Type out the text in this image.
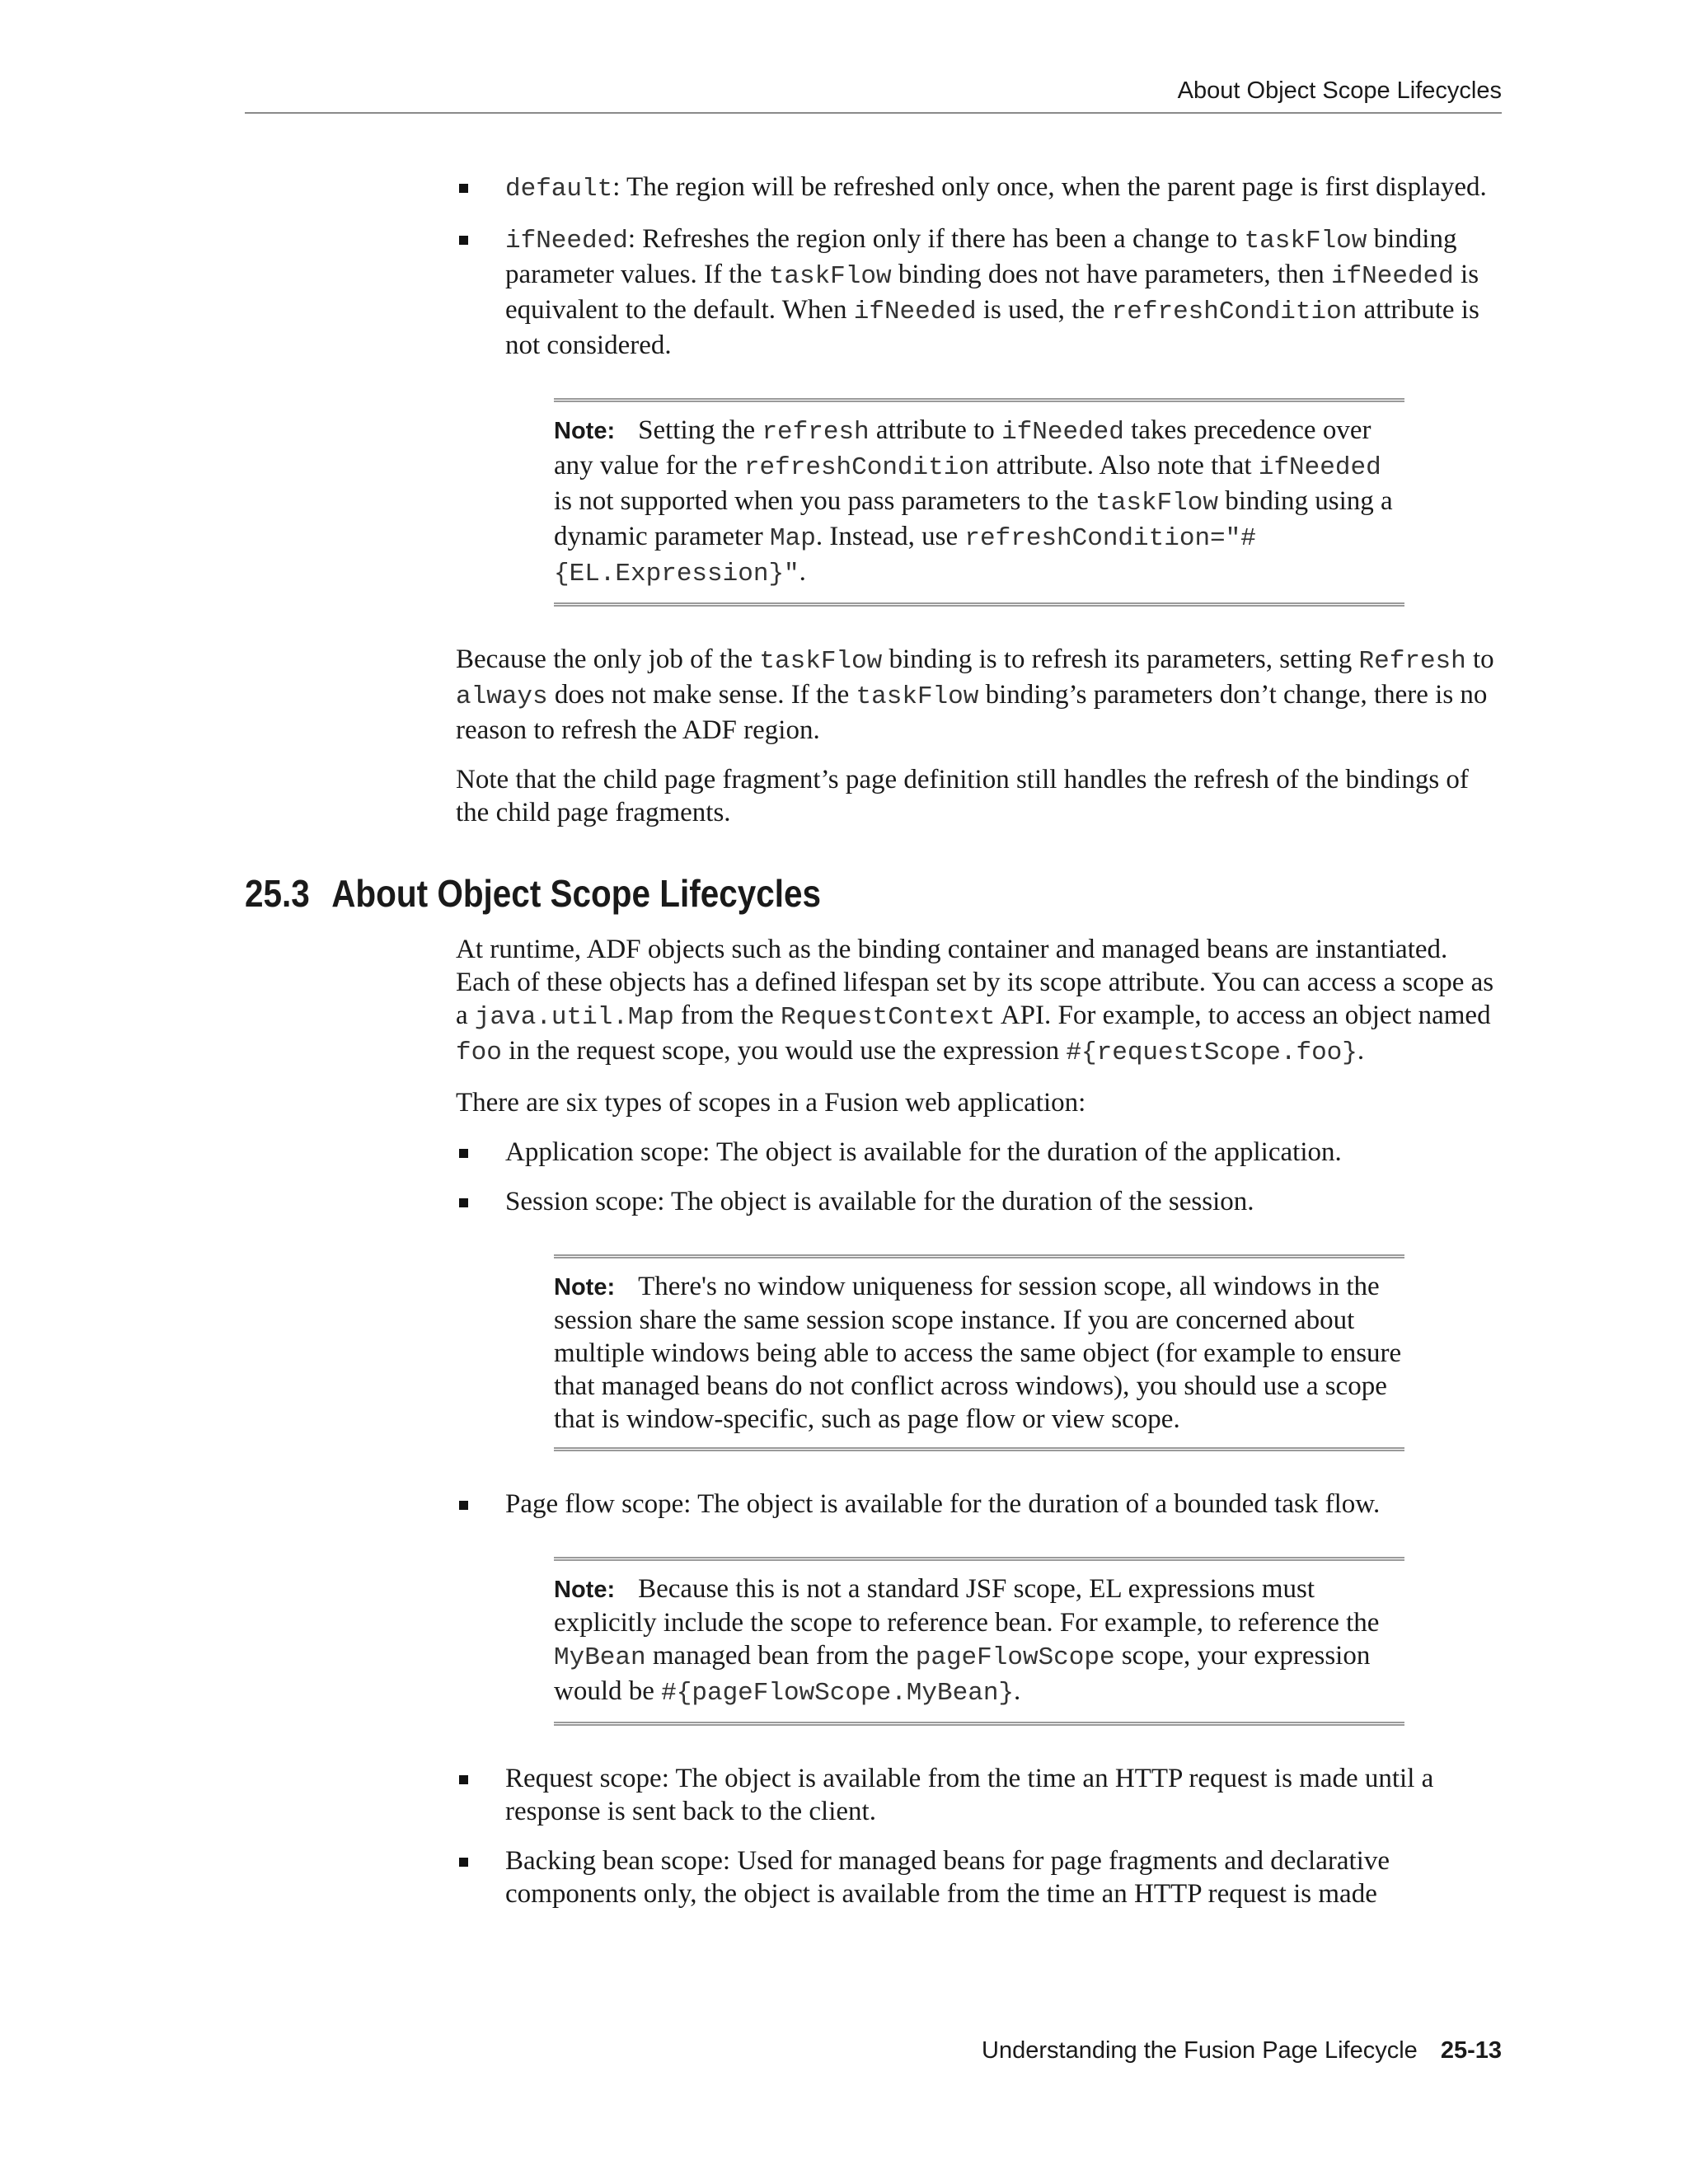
About Object Scope Lifecycles
default: The region will be refreshed only once, when the parent page is first displayed.
ifNeeded: Refreshes the region only if there has been a change to taskFlow binding parameter values. If the taskFlow binding does not have parameters, then ifNeeded is equivalent to the default. When ifNeeded is used, the refreshCondition attribute is not considered.

Note: Setting the refresh attribute to ifNeeded takes precedence over any value for the refreshCondition attribute. Also note that ifNeeded is not supported when you pass parameters to the taskFlow binding using a dynamic parameter Map. Instead, use refreshCondition="#{EL.Expression}".

Because the only job of the taskFlow binding is to refresh its parameters, setting Refresh to always does not make sense. If the taskFlow binding’s parameters don’t change, there is no reason to refresh the ADF region.

Note that the child page fragment’s page definition still handles the refresh of the bindings of the child page fragments.

25.3 About Object Scope Lifecycles

At runtime, ADF objects such as the binding container and managed beans are instantiated. Each of these objects has a defined lifespan set by its scope attribute. You can access a scope as a java.util.Map from the RequestContext API. For example, to access an object named foo in the request scope, you would use the expression #{requestScope.foo}.

There are six types of scopes in a Fusion web application:

Application scope: The object is available for the duration of the application.
Session scope: The object is available for the duration of the session.

Note: There's no window uniqueness for session scope, all windows in the session share the same session scope instance. If you are concerned about multiple windows being able to access the same object (for example to ensure that managed beans do not conflict across windows), you should use a scope that is window-specific, such as page flow or view scope.

Page flow scope: The object is available for the duration of a bounded task flow.

Note: Because this is not a standard JSF scope, EL expressions must explicitly include the scope to reference bean. For example, to reference the MyBean managed bean from the pageFlowScope scope, your expression would be #{pageFlowScope.MyBean}.

Request scope: The object is available from the time an HTTP request is made until a response is sent back to the client.
Backing bean scope: Used for managed beans for page fragments and declarative components only, the object is available from the time an HTTP request is made
Understanding the Fusion Page Lifecycle 25-13
